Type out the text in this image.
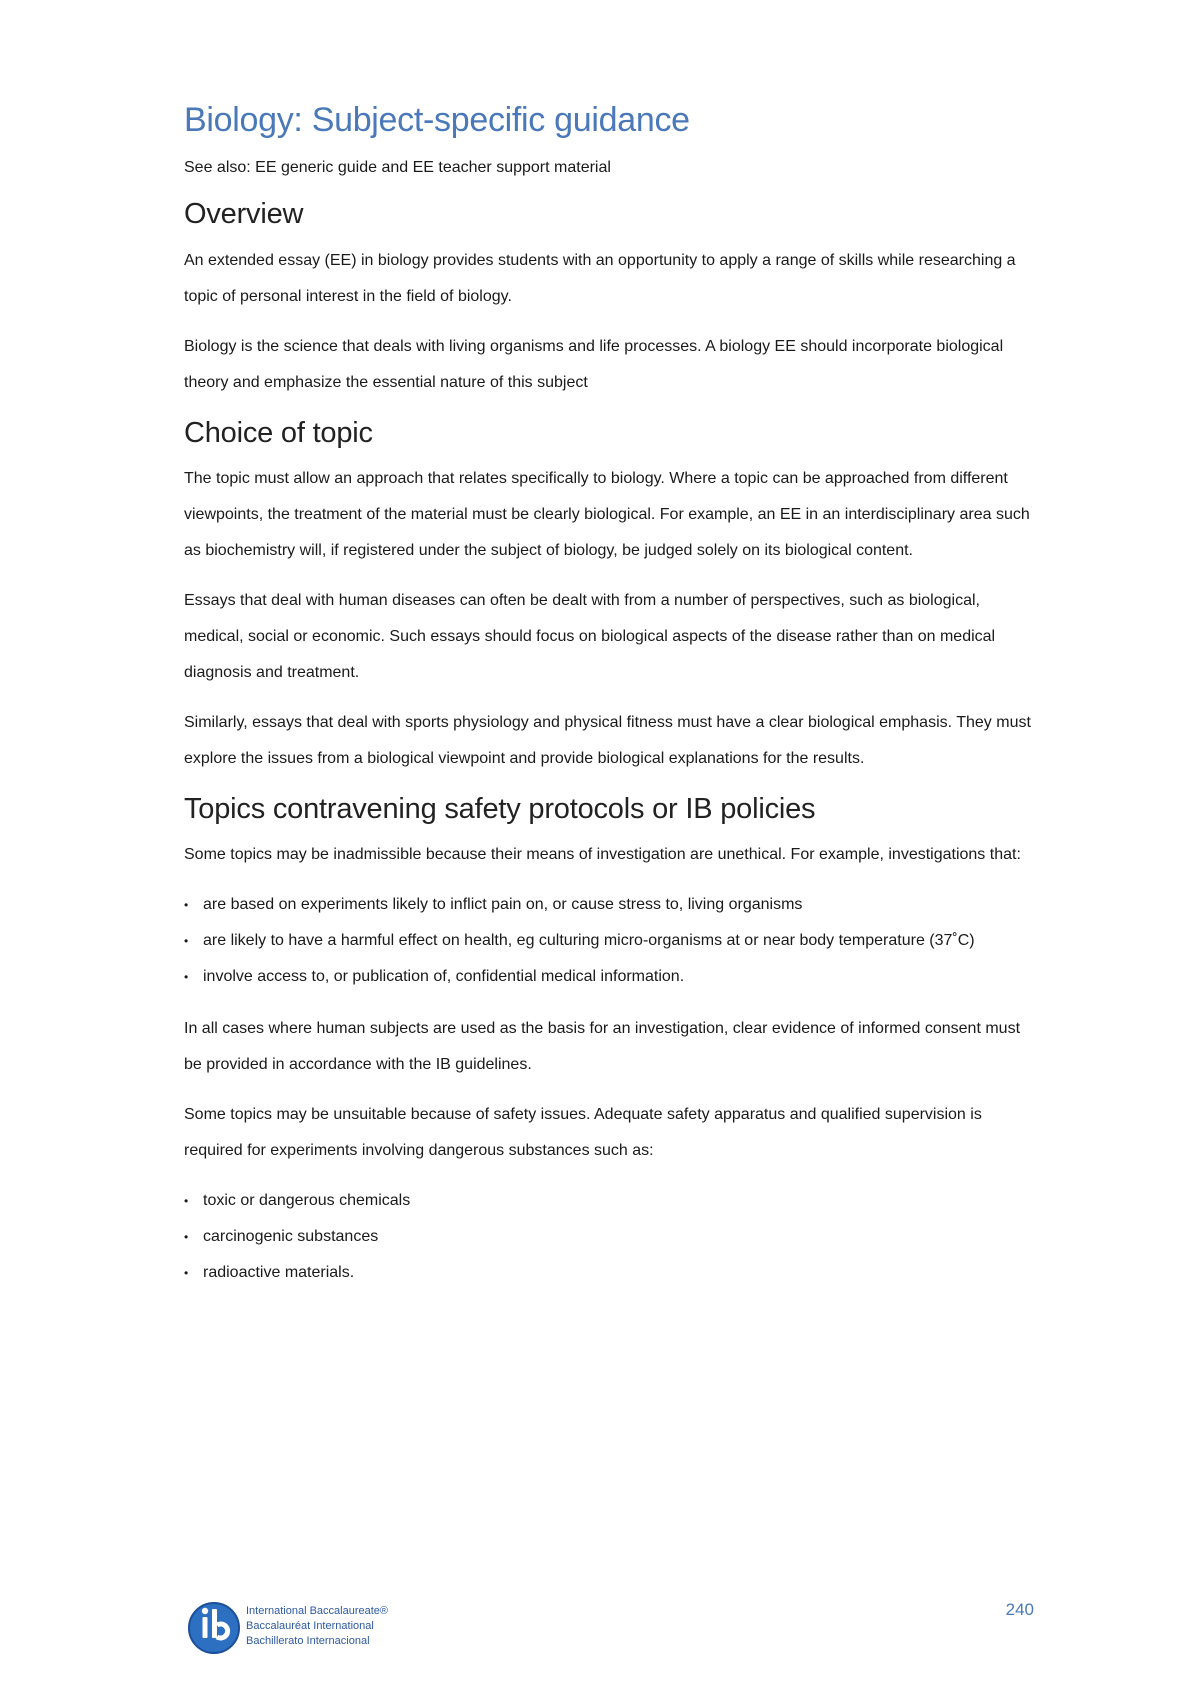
Biology: Subject-specific guidance

See also: EE generic guide and EE teacher support material

Overview

An extended essay (EE) in biology provides students with an opportunity to apply a range of skills while researching a topic of personal interest in the field of biology.

Biology is the science that deals with living organisms and life processes. A biology EE should incorporate biological theory and emphasize the essential nature of this subject

Choice of topic

The topic must allow an approach that relates specifically to biology. Where a topic can be approached from different viewpoints, the treatment of the material must be clearly biological. For example, an EE in an interdisciplinary area such as biochemistry will, if registered under the subject of biology, be judged solely on its biological content.

Essays that deal with human diseases can often be dealt with from a number of perspectives, such as biological, medical, social or economic. Such essays should focus on biological aspects of the disease rather than on medical diagnosis and treatment.

Similarly, essays that deal with sports physiology and physical fitness must have a clear biological emphasis. They must explore the issues from a biological viewpoint and provide biological explanations for the results.

Topics contravening safety protocols or IB policies

Some topics may be inadmissible because their means of investigation are unethical. For example, investigations that:

• are based on experiments likely to inflict pain on, or cause stress to, living organisms
• are likely to have a harmful effect on health, eg culturing micro-organisms at or near body temperature (37˚C)
• involve access to, or publication of, confidential medical information.

In all cases where human subjects are used as the basis for an investigation, clear evidence of informed consent must be provided in accordance with the IB guidelines.

Some topics may be unsuitable because of safety issues. Adequate safety apparatus and qualified supervision is required for experiments involving dangerous substances such as:

• toxic or dangerous chemicals
• carcinogenic substances
• radioactive materials.
International Baccalaureate®
Baccalauréat International
Bachillerato Internacional
240
